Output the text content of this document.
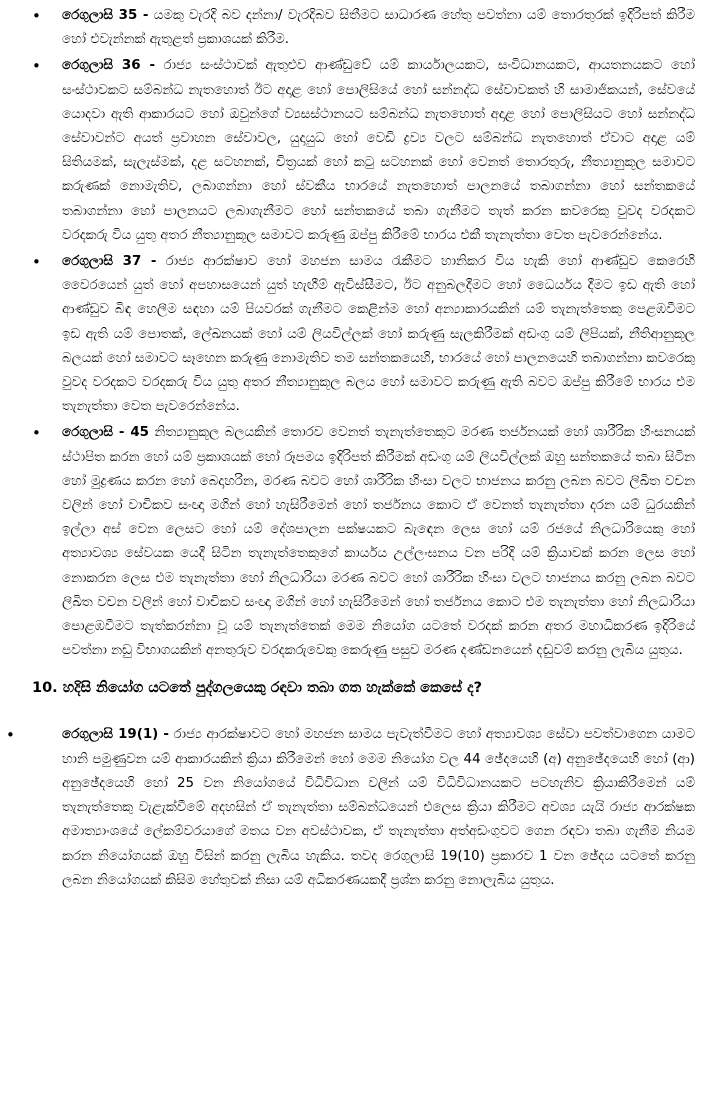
• රෙගුලාසි 35 - යමකු වැරදි බව දන්නා/ වැරදිබව සිතීමට සාධාරණ හේතු පවත්නා යම් තොරතුරක් ඉදිරිපත් කිරීම හෝ එවැන්නක් ඇතුළත් ප්‍රකාශයක් කිරීම.
• රෙගුලාසි 36 - රාජ්‍ය සංස්ථාවක් ඇතුළුව ආණ්ඩුවේ යම් කාර්යාලයකට, සංවිධානයකට, ආයතනයකට හෝ සංස්ථාවකට සම්බන්ධ නැතහොත් ඊට අදාළ හෝ පොලිසියේ හෝ සන්නද්ධ සේවාවකත් හි සාමාජිකයන්, සේවයේ යොදවා ඇති ආකාරයට හෝ ඔවුන්ගේ ව්‍යසස්ථානයට සම්බන්ධ නැතහොත් අදාළ හෝ පොලිසියට හෝ සන්නද්ධ සේවාවන්ට අයත් ප්‍රවාහන සේවාවල, යුදායුධ හෝ වෙඩි ද්‍රව්‍ය වලට සම්බන්ධ නැතහොත් ඒවාට අදාළ යම් සිතියමක්, සැලැස්මක්, දළ සටහනක්, චිත්‍රයක් හෝ කටු සටහනක් හෝ වෙනත් තොරතුරු, නීත්‍යානුකූල සමාවට කරුණක් නොමැතිව, ලබාගන්නා හෝ ස්වකීය භාරයේ නැතහොත් පාලනයේ තබාගන්නා හෝ සන්තකයේ තබාගන්නා හෝ පාලනයට ලබාගැනීමට හෝ සන්තකයේ තබා ගැනීමට තැත් කරන කවරෙකු වුවද වරදකට වරදකරු විය යුතු අතර නීත්‍යානුකූල සමාවට කරුණු ඔප්පු කිරීමේ භාරය එකී තැනැත්තා වෙත පැවරෙන්නේය.
• රෙගුලාසි 37 - රාජ්‍ය ආරක්ෂාව හෝ මහජන සාමය රැකීමට හානිකර විය හැකි හෝ ආණ්ඩුව කෙරෙහි වෛරයෙන් යුත් හෝ අපහාසයෙන් යුත් හැඟීම් ඇවිස්සීමට, ඊට අනුබලදීමට හෝ ධෛර්යය දීමට ඉඩ ඇති හෝ ආණ්ඩුව බිඳ හෙලීම සඳහා යම් පියවරක් ගැනීමට කෙළින්ම හෝ අන්‍යාකාරයකින් යම් තැනැත්තෙකු පෙළඹවීමට ඉඩ ඇති යම් පොතක්, ලේඛනයක් හෝ යම් ලියවිල්ලක් හෝ කරුණු සැලකිරීමක් අඩංගු යම් ලිපියක්, නීතිආනුකූල බලයක් හෝ සමාවට සෑහෙන කරුණු නොමැතිව තම සන්තකයෙහි, භාරයේ හෝ පාලනයෙහි තබාගන්නා කවරෙකු වුවද වරදකට වරදකරු විය යුතු අතර නීත්‍යානුකූල බලය හෝ සමාවට කරුණු ඇති බවට ඔප්පු කිරීමේ භාරය එම තැනැත්තා වෙත පැවරෙන්නේය.
• රෙගුලාසි - 45 නිත්‍යානුකූල බලයකින් තොරව වෙනත් තැනැත්තෙකුට මරණ තර්ජනයක් හෝ ශාරීරික හිංසනයක් ස්ථාපිත කරන හෝ යම් ප්‍රකාශයක් හෝ රූපමය ඉදිරිපත් කිරීමක් අඩංගු යම් ලියවිල්ලක් ඔහු සන්තකයේ තබා සිටින හෝ මුද්‍රණය කරන හෝ බෙදාහරින, මරණ බවට හෝ ශාරීරික හිංසා වලට භාජනය කරනු ලබන බවට ලිඛිත වචන වලින් හෝ වාචිකව සංඥා මගින් හෝ හැසිරීමෙන් හෝ තර්ජනය කොට ඒ වෙනත් තැනැත්තා දරන යම් ධුරයකින් ඉල්ලා අස් වෙන ලෙසට හෝ යම් දේශපාලන පක්ෂයකට බැඳෙන ලෙස හෝ යම් රජයේ නිලධාරියෙකු හෝ අත්‍යාවශ්‍ය සේවයක යෙදී සිටින තැනැත්තෙකුගේ කාර්යය උල්ලංඝනය වන පරිදි යම් ක්‍රියාවක් කරන ලෙස හෝ නොකරන ලෙස එම තැනැත්තා හෝ නිලධාරියා මරණ බවට හෝ ශාරීරික හිංසා වලට භාජනය කරනු ලබන බවට ලිඛිත වචන වලින් හෝ වාචිකව සංඥා මගින් හෝ හැසිරීමෙන් හෝ තර්ජනය කොට එම තැනැත්තා හෝ නිලධාරියා පොළඹවීමට තැත්කරන්නා වූ යම් තැනැත්තෙක් මෙම නියෝග යටතේ වරදක් කරන අතර මහාධිකරණ ඉදිරියේ පවත්නා නඩු විභාගයකින් අනතුරුව වරදකරුවෙකු කෙරුණු පසුව මරණ දණ්ඩනයෙන් දඬුවම් කරනු ලැබිය යුතුය.
10. හදිසි නියෝග යටතේ පුද්ගලයෙකු රඳවා තබා ගත හැක්කේ කෙසේ ද?
•	රෙගුලාසි 19(1) - රාජ්‍ය ආරක්ෂාවට හෝ මහජන සාමය පැවැත්වීමට හෝ අත්‍යාවශ්‍ය සේවා පවත්වාගෙන යාමට හානි පමුණුවන යම් ආකාරයකින් ක්‍රියා කිරීමෙන් හෝ මෙම නියෝග වල 44 ඡේදයෙහි (අ) අනුඡේදයෙහි හෝ (ආ) අනුඡේදයෙහි හෝ 25 වන නියෝගයේ විධිවිධාන වලින් යම් විධිවිධානයකට පටහැනිව ක්‍රියාකිරීමෙන් යම් තැනැත්තෙකු වැළැක්වීමේ අදහසින් ඒ තැනැත්තා සම්බන්ධයෙන් එලෙස ක්‍රියා කිරීමට අවශ්‍ය යැයි රාජ්‍ය ආරක්ෂක අමාත්‍යාංශයේ ලේකම්වරයාගේ මතය වන අවස්ථාවක, ඒ තැනැත්තා අත්අඩංගුවට ගෙන රඳවා තබා ගැනීම නියම කරන නියෝගයක් ඔහු විසින් කරනු ලැබිය හැකිය. තවද රෙගුලාසි 19(10) ප්‍රකාරව 1 වන ඡේදය යටතේ කරනු ලබන නියෝගයක් කිසිම හේතුවක් නිසා යම් අධිකරණයකදී ප්‍රශ්න කරනු නොලැබිය යුතුය.
